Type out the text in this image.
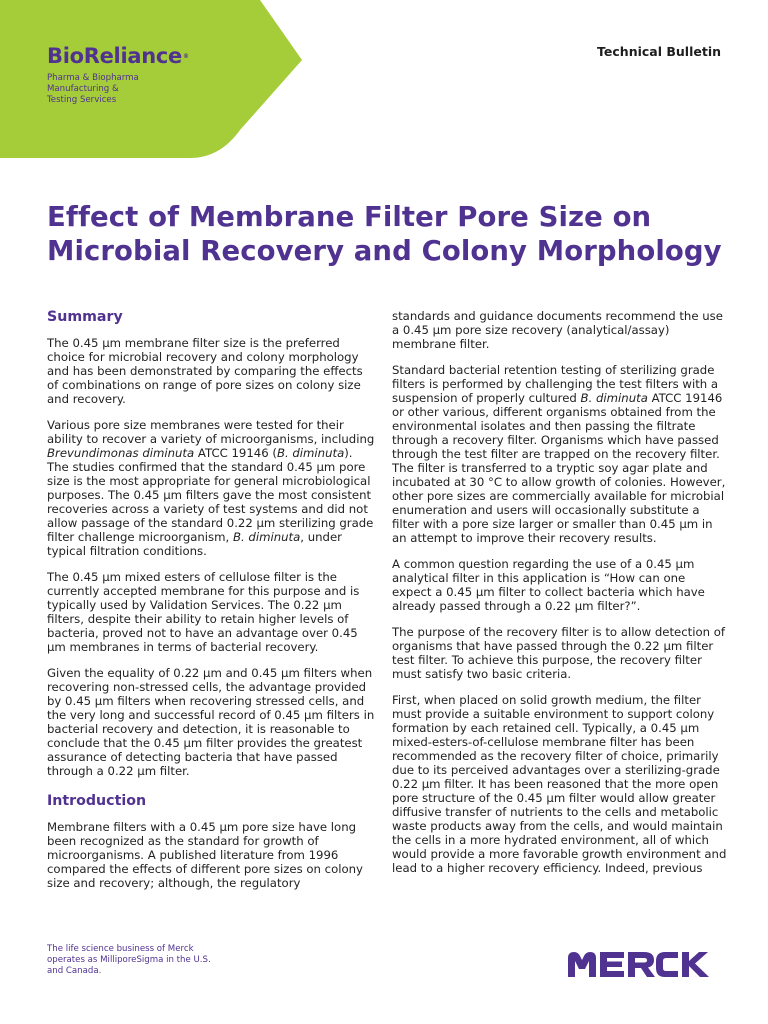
BioReliance®
Pharma & Biopharma
Manufacturing &
Testing Services
Technical Bulletin
Effect of Membrane Filter Pore Size on
Microbial Recovery and Colony Morphology
Summary

The 0.45 µm membrane filter size is the preferred choice for microbial recovery and colony morphology and has been demonstrated by comparing the effects of combinations on range of pore sizes on colony size and recovery.

Various pore size membranes were tested for their ability to recover a variety of microorganisms, including Brevundimonas diminuta ATCC 19146 (B. diminuta). The studies confirmed that the standard 0.45 µm pore size is the most appropriate for general microbiological purposes. The 0.45 µm filters gave the most consistent recoveries across a variety of test systems and did not allow passage of the standard 0.22 µm sterilizing grade filter challenge microorganism, B. diminuta, under typical filtration conditions.

The 0.45 µm mixed esters of cellulose filter is the currently accepted membrane for this purpose and is typically used by Validation Services. The 0.22 µm filters, despite their ability to retain higher levels of bacteria, proved not to have an advantage over 0.45 µm membranes in terms of bacterial recovery.

Given the equality of 0.22 µm and 0.45 µm filters when recovering non-stressed cells, the advantage provided by 0.45 µm filters when recovering stressed cells, and the very long and successful record of 0.45 µm filters in bacterial recovery and detection, it is reasonable to conclude that the 0.45 µm filter provides the greatest assurance of detecting bacteria that have passed through a 0.22 µm filter.

Introduction

Membrane filters with a 0.45 µm pore size have long been recognized as the standard for growth of microorganisms. A published literature from 1996 compared the effects of different pore sizes on colony size and recovery; although, the regulatory

standards and guidance documents recommend the use a 0.45 µm pore size recovery (analytical/assay) membrane filter.

Standard bacterial retention testing of sterilizing grade filters is performed by challenging the test filters with a suspension of properly cultured B. diminuta ATCC 19146 or other various, different organisms obtained from the environmental isolates and then passing the filtrate through a recovery filter. Organisms which have passed through the test filter are trapped on the recovery filter. The filter is transferred to a tryptic soy agar plate and incubated at 30 °C to allow growth of colonies. However, other pore sizes are commercially available for microbial enumeration and users will occasionally substitute a filter with a pore size larger or smaller than 0.45 µm in an attempt to improve their recovery results.

A common question regarding the use of a 0.45 µm analytical filter in this application is “How can one expect a 0.45 µm filter to collect bacteria which have already passed through a 0.22 µm filter?”.

The purpose of the recovery filter is to allow detection of organisms that have passed through the 0.22 µm filter test filter. To achieve this purpose, the recovery filter must satisfy two basic criteria.

First, when placed on solid growth medium, the filter must provide a suitable environment to support colony formation by each retained cell. Typically, a 0.45 µm mixed-esters-of-cellulose membrane filter has been recommended as the recovery filter of choice, primarily due to its perceived advantages over a sterilizing-grade 0.22 µm filter. It has been reasoned that the more open pore structure of the 0.45 µm filter would allow greater diffusive transfer of nutrients to the cells and metabolic waste products away from the cells, and would maintain the cells in a more hydrated environment, all of which would provide a more favorable growth environment and lead to a higher recovery efficiency. Indeed, previous

The life science business of Merck operates as MilliporeSigma in the U.S. and Canada.
MERCK
